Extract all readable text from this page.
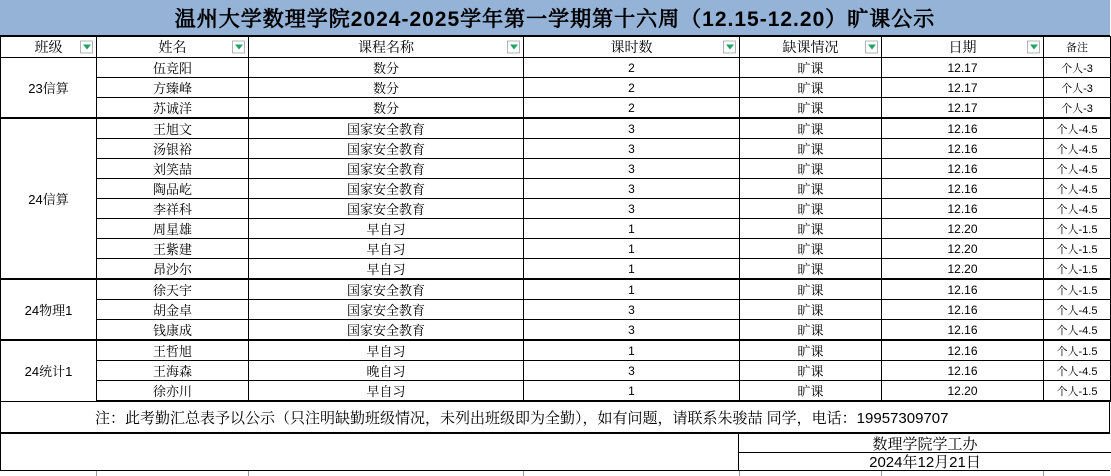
温州大学数理学院2024-2025学年第一学期第十六周（12.15-12.20）旷课公示
班级	姓名	课程名称	课时数	缺课情况	日期	备注
23信算	伍竞阳	数分	2	旷课	12.17	个人-3
	方臻峰	数分	2	旷课	12.17	个人-3
	苏诚洋	数分	2	旷课	12.17	个人-3
24信算	王旭文	国家安全教育	3	旷课	12.16	个人-4.5
	汤银裕	国家安全教育	3	旷课	12.16	个人-4.5
	刘笑喆	国家安全教育	3	旷课	12.16	个人-4.5
	陶品屹	国家安全教育	3	旷课	12.16	个人-4.5
	李祥科	国家安全教育	3	旷课	12.16	个人-4.5
	周星雄	早自习	1	旷课	12.20	个人-1.5
	王紫建	早自习	1	旷课	12.20	个人-1.5
	昂沙尔	早自习	1	旷课	12.20	个人-1.5
24物理1	徐天宇	国家安全教育	1	旷课	12.16	个人-1.5
	胡金卓	国家安全教育	3	旷课	12.16	个人-4.5
	钱康成	国家安全教育	3	旷课	12.16	个人-4.5
24统计1	王哲旭	早自习	1	旷课	12.16	个人-1.5
	王海森	晚自习	3	旷课	12.16	个人-4.5
	徐亦川	早自习	1	旷课	12.20	个人-1.5
注：此考勤汇总表予以公示（只注明缺勤班级情况，未列出班级即为全勤），如有问题，请联系朱骏喆 同学，电话：19957309707
数理学院学工办
2024年12月21日
